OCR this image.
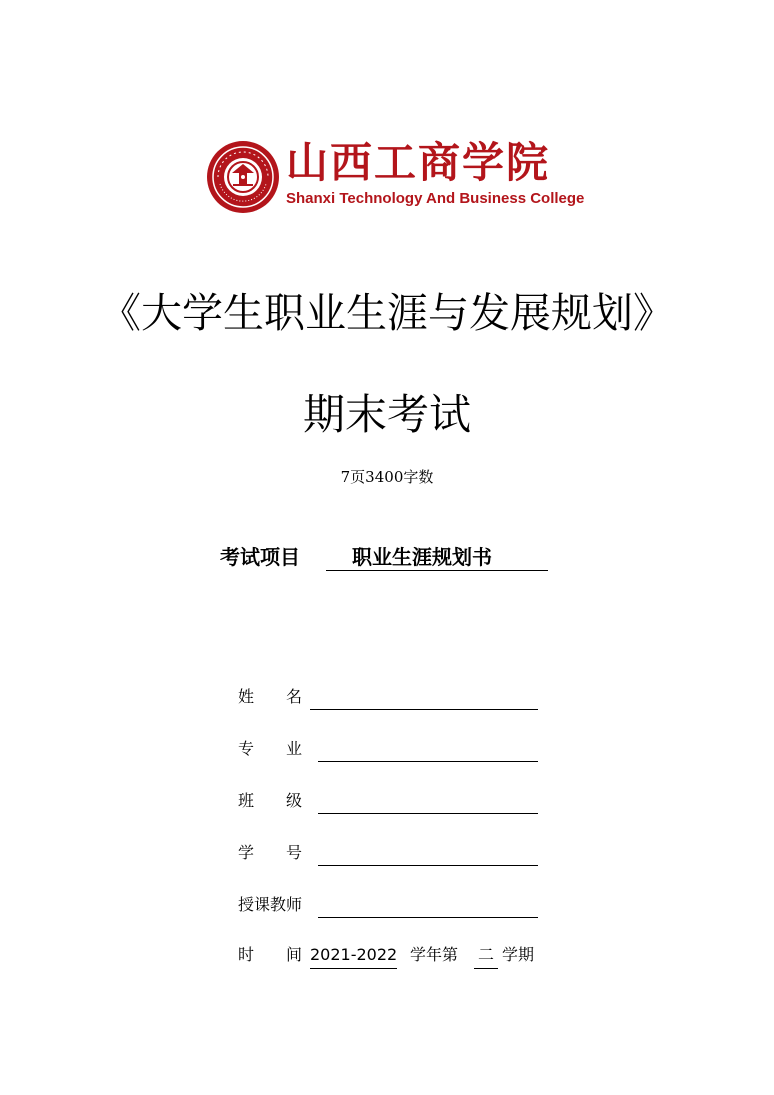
山西工商学院
Shanxi Technology And Business College
《大学生职业生涯与发展规划》
期末考试
7页3400字数
考试项目	职业生涯规划书
姓　　名
专　　业
班　　级
学　　号
授课教师
时　　间 2021-2022 学年第 二 学期
